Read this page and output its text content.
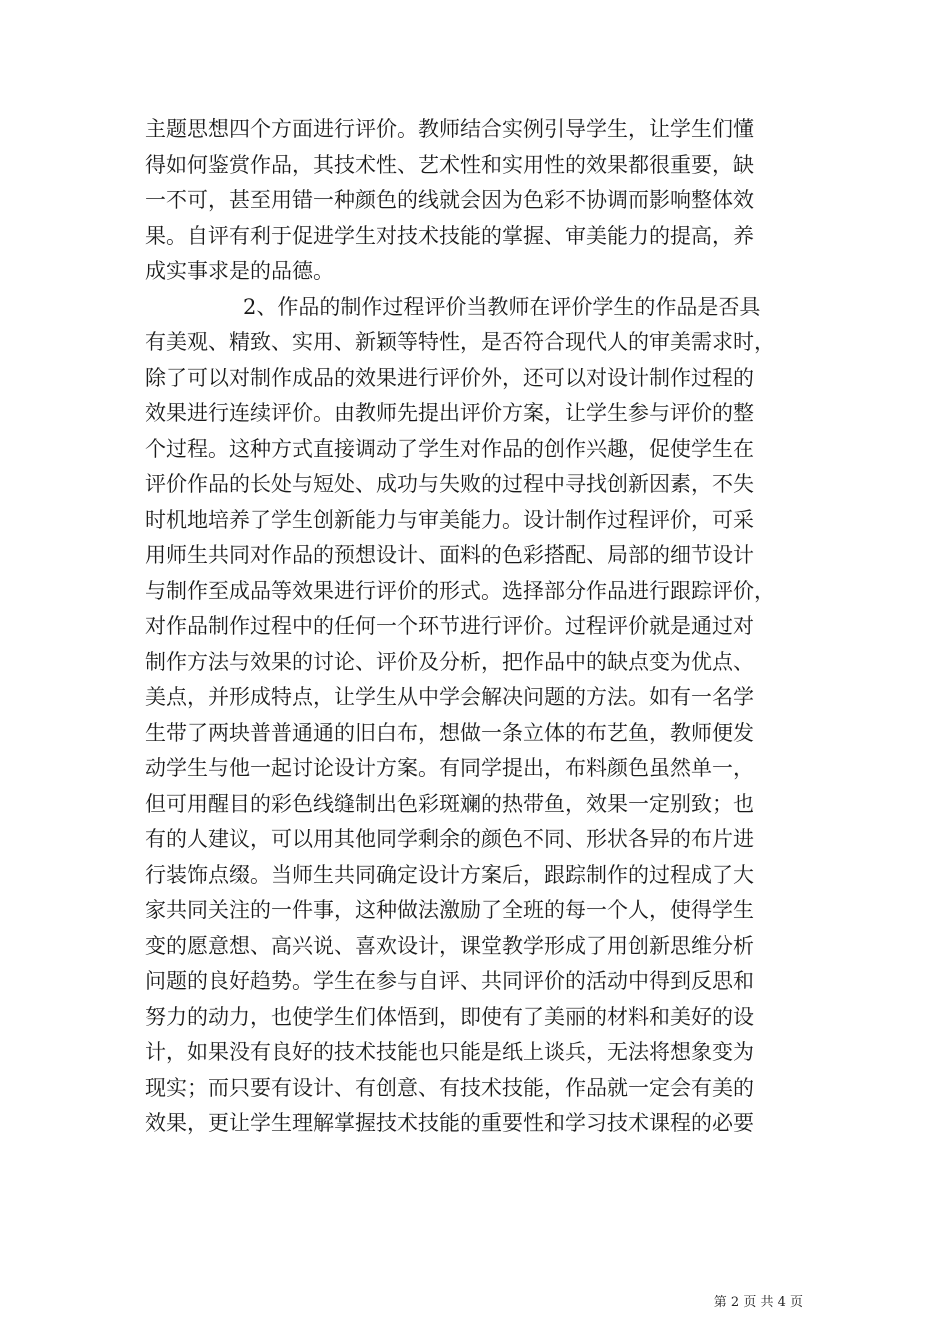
主题思想四个方面进行评价。教师结合实例引导学生，让学生们懂
得如何鉴赏作品，其技术性、艺术性和实用性的效果都很重要，缺
一不可，甚至用错一种颜色的线就会因为色彩不协调而影响整体效
果。自评有利于促进学生对技术技能的掌握、审美能力的提高，养
成实事求是的品德。
2、作品的制作过程评价当教师在评价学生的作品是否具
有美观、精致、实用、新颖等特性，是否符合现代人的审美需求时，
除了可以对制作成品的效果进行评价外，还可以对设计制作过程的
效果进行连续评价。由教师先提出评价方案，让学生参与评价的整
个过程。这种方式直接调动了学生对作品的创作兴趣，促使学生在
评价作品的长处与短处、成功与失败的过程中寻找创新因素，不失
时机地培养了学生创新能力与审美能力。设计制作过程评价，可采
用师生共同对作品的预想设计、面料的色彩搭配、局部的细节设计
与制作至成品等效果进行评价的形式。选择部分作品进行跟踪评价，
对作品制作过程中的任何一个环节进行评价。过程评价就是通过对
制作方法与效果的讨论、评价及分析，把作品中的缺点变为优点、
美点，并形成特点，让学生从中学会解决问题的方法。如有一名学
生带了两块普普通通的旧白布，想做一条立体的布艺鱼，教师便发
动学生与他一起讨论设计方案。有同学提出，布料颜色虽然单一，
但可用醒目的彩色线缝制出色彩斑斓的热带鱼，效果一定别致；也
有的人建议，可以用其他同学剩余的颜色不同、形状各异的布片进
行装饰点缀。当师生共同确定设计方案后，跟踪制作的过程成了大
家共同关注的一件事，这种做法激励了全班的每一个人，使得学生
变的愿意想、高兴说、喜欢设计，课堂教学形成了用创新思维分析
问题的良好趋势。学生在参与自评、共同评价的活动中得到反思和
努力的动力，也使学生们体悟到，即使有了美丽的材料和美好的设
计，如果没有良好的技术技能也只能是纸上谈兵，无法将想象变为
现实；而只要有设计、有创意、有技术技能，作品就一定会有美的
效果，更让学生理解掌握技术技能的重要性和学习技术课程的必要
第 2 页 共 4 页
